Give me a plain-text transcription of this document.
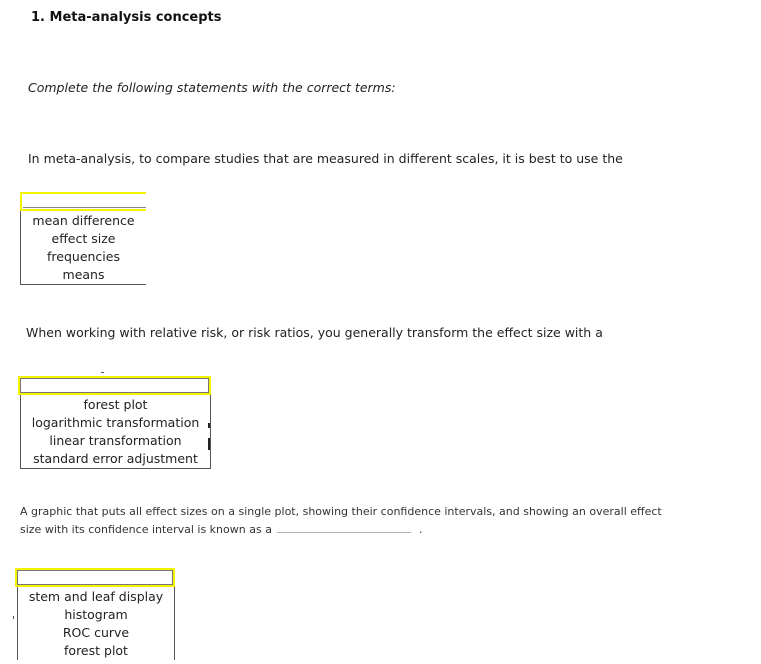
1. Meta-analysis concepts
Complete the following statements with the correct terms:
In meta-analysis, to compare studies that are measured in different scales, it is best to use the
mean difference
effect size
frequencies
means
When working with relative risk, or risk ratios, you generally transform the effect size with a
forest plot
logarithmic transformation
linear transformation
standard error adjustment
A graphic that puts all effect sizes on a single plot, showing their confidence intervals, and showing an overall effect size with its confidence interval is known as a	.
stem and leaf display
histogram
ROC curve
forest plot
